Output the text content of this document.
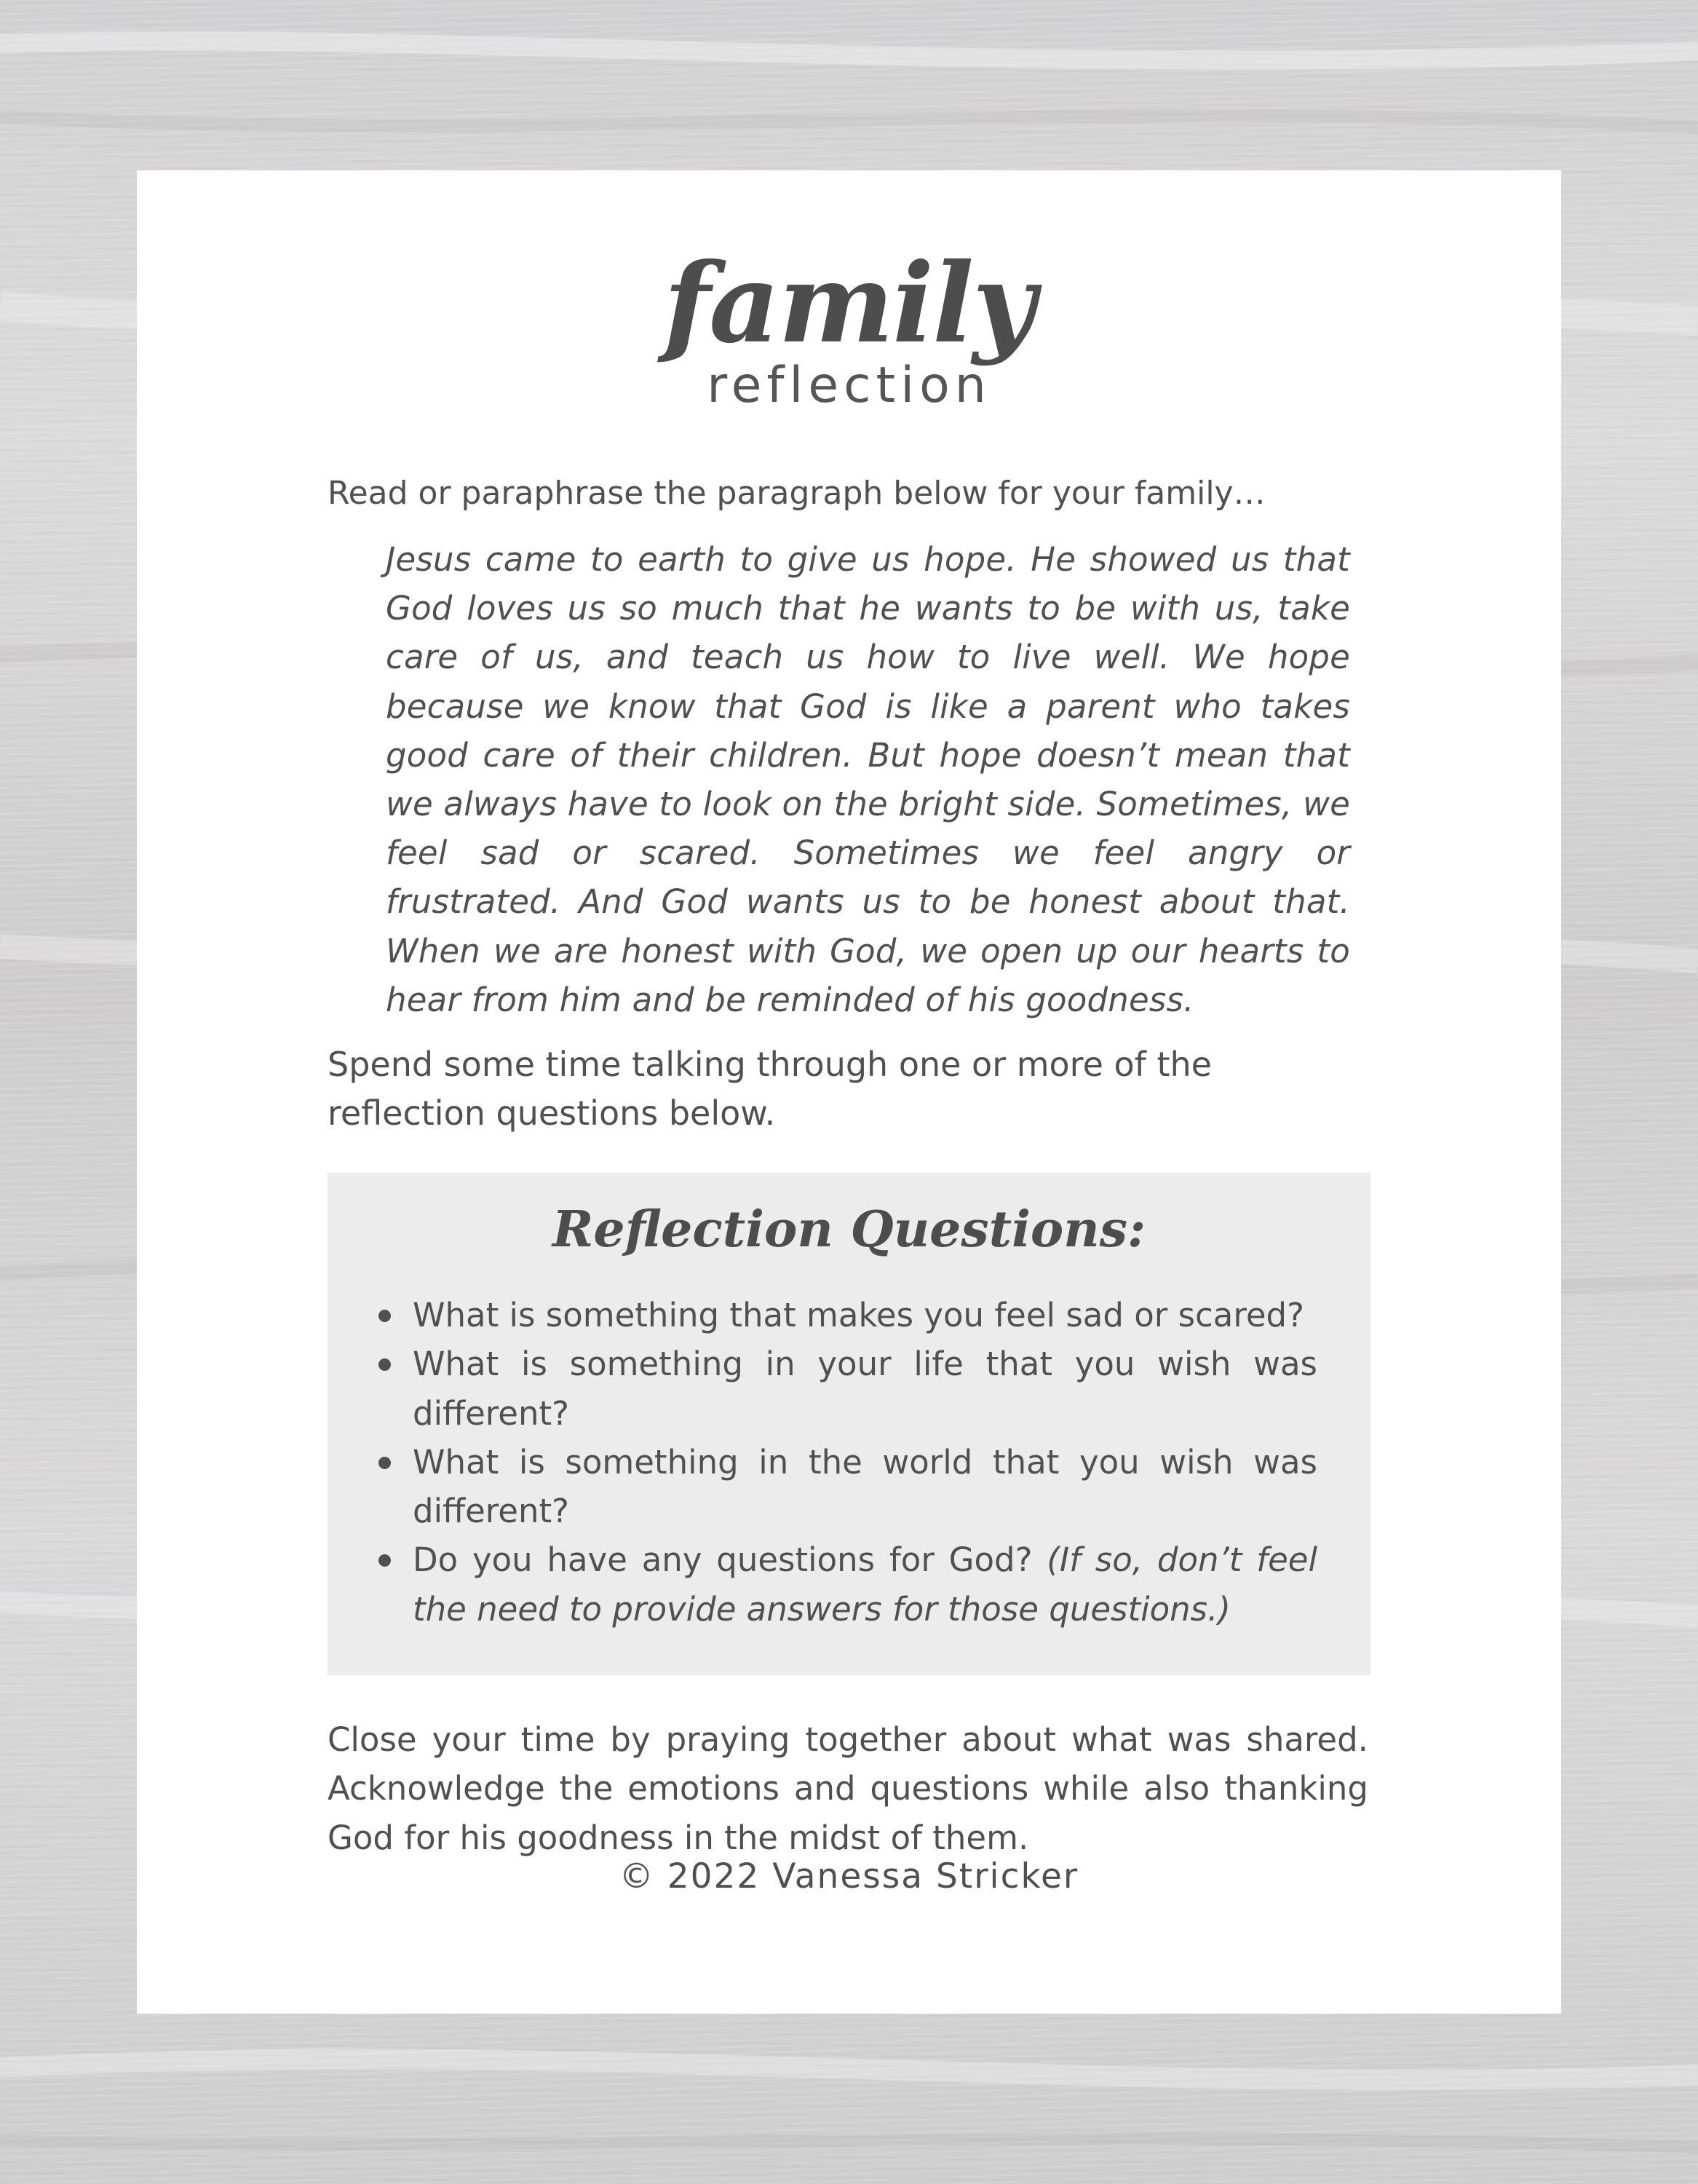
family
reflection

Read or paraphrase the paragraph below for your family…

Jesus came to earth to give us hope. He showed us that God loves us so much that he wants to be with us, take care of us, and teach us how to live well. We hope because we know that God is like a parent who takes good care of their children. But hope doesn’t mean that we always have to look on the bright side. Sometimes, we feel sad or scared. Sometimes we feel angry or frustrated. And God wants us to be honest about that. When we are honest with God, we open up our hearts to hear from him and be reminded of his goodness.

Spend some time talking through one or more of the reflection questions below.

Reflection Questions:
What is something that makes you feel sad or scared?
What is something in your life that you wish was different?
What is something in the world that you wish was different?
Do you have any questions for God? (If so, don’t feel the need to provide answers for those questions.)

Close your time by praying together about what was shared. Acknowledge the emotions and questions while also thanking God for his goodness in the midst of them.

© 2022 Vanessa Stricker
